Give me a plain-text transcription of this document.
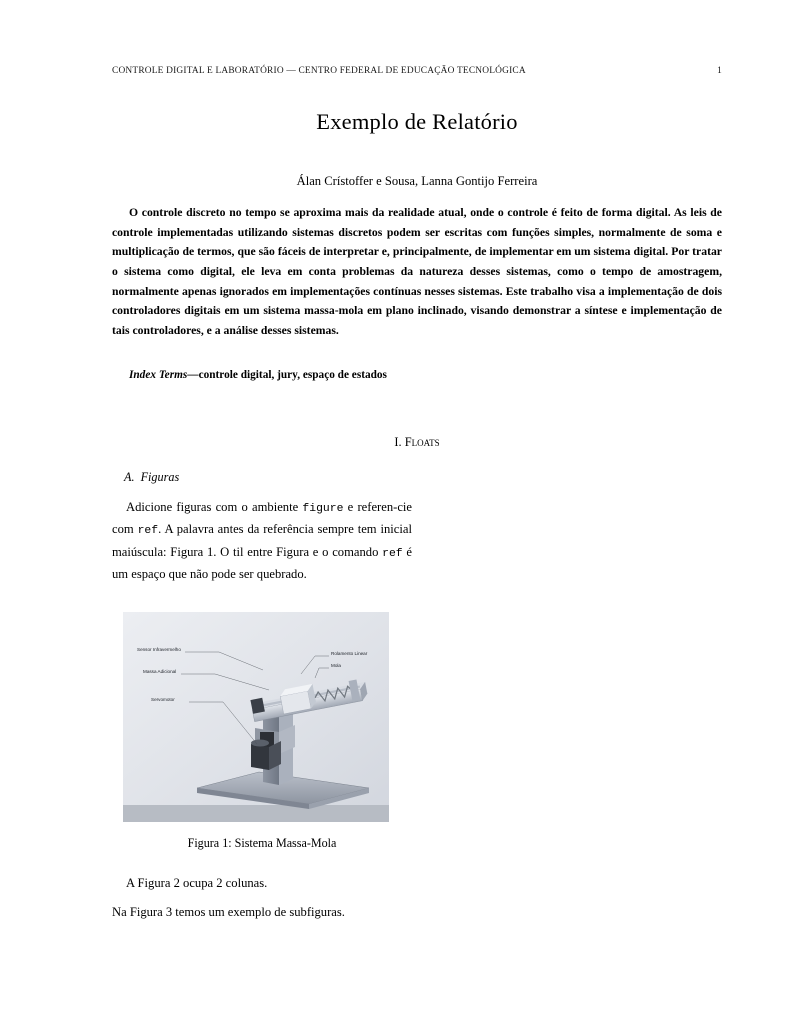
CONTROLE DIGITAL E LABORATÓRIO — CENTRO FEDERAL DE EDUCAÇÃO TECNOLÓGICA	1
Exemplo de Relatório
Álan Crístoffer e Sousa, Lanna Gontijo Ferreira
O controle discreto no tempo se aproxima mais da realidade atual, onde o controle é feito de forma digital. As leis de controle implementadas utilizando sistemas discretos podem ser escritas com funções simples, normalmente de soma e multiplicação de termos, que são fáceis de interpretar e, principalmente, de implementar em um sistema digital. Por tratar o sistema como digital, ele leva em conta problemas da natureza desses sistemas, como o tempo de amostragem, normalmente apenas ignorados em implementações contínuas nesses sistemas. Este trabalho visa a implementação de dois controladores digitais em um sistema massa-mola em plano inclinado, visando demonstrar a síntese e implementação de tais controladores, e a análise desses sistemas.
Index Terms—controle digital, jury, espaço de estados
I. Floats
A. Figuras
Adicione figuras com o ambiente figure e referen-cie com ref. A palavra antes da referência sempre tem inicial maiúscula: Figura 1. O til entre Figura e o comando ref é um espaço que não pode ser quebrado.
Sensor Infravermelho
Massa Adicional
Servomotor
Rolamento Linear
Mola
Figura 1: Sistema Massa-Mola
A Figura 2 ocupa 2 colunas.
Na Figura 3 temos um exemplo de subfiguras.
